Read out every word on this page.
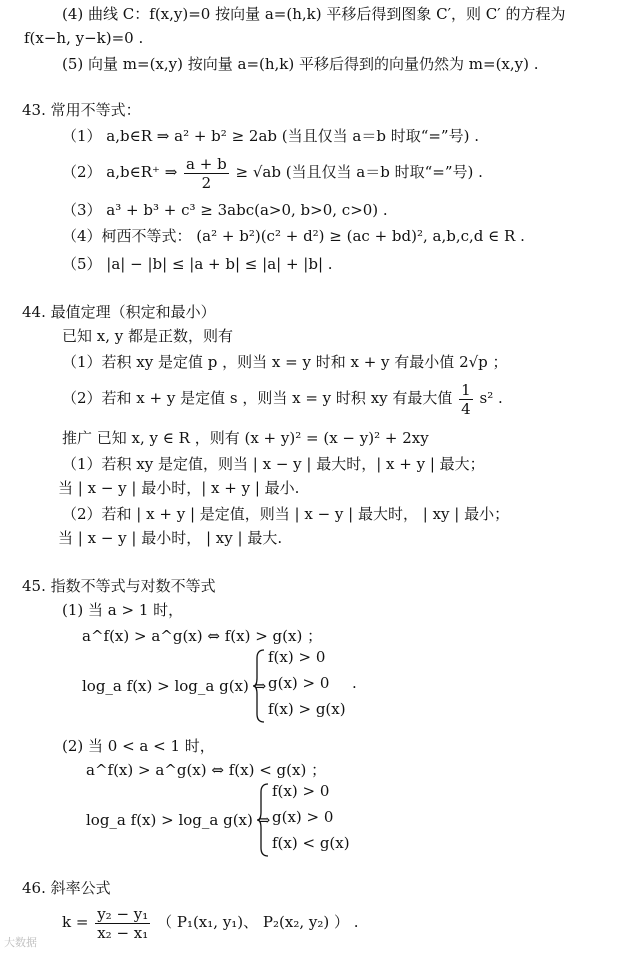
(4) 曲线 C：f(x,y)=0 按向量 a=(h,k) 平移后得到图象 C′，则 C′ 的方程为
f(x−h, y−k)=0 .
(5) 向量 m=(x,y) 按向量 a=(h,k) 平移后得到的向量仍然为 m=(x,y) .
43. 常用不等式：
（1） a,b∈R ⇒ a² + b² ≥ 2ab (当且仅当 a＝b 时取“=”号) .
（2） a,b∈R⁺ ⇒ $\frac{a + b}{2} \ge √ab$ (当且仅当 a＝b 时取“=”号) .
（3） a³ + b³ + c³ ≥ 3abc(a>0, b>0, c>0) .
（4）柯西不等式： (a² + b²)(c² + d²) ≥ (ac + bd)², a,b,c,d ∈ R .
（5） |a| − |b| ≤ |a + b| ≤ |a| + |b| .
44. 最值定理（积定和最小）
已知 x, y 都是正数，则有
（1）若积 xy 是定值 p ，则当 x = y 时和 x + y 有最小值 2√p ；
（2）若和 x + y 是定值 s ，则当 x = y 时积 xy 有最大值 $\frac{1}{4} s^2$ .
推广 已知 x, y ∈ R ，则有 (x + y)² = (x − y)² + 2xy
（1）若积 xy 是定值，则当 | x − y | 最大时，| x + y | 最大；
当 | x − y | 最小时，| x + y | 最小.
（2）若和 | x + y | 是定值，则当 | x − y | 最大时， | xy | 最小；
当 | x − y | 最小时， | xy | 最大.
45. 指数不等式与对数不等式
(1) 当 a > 1 时，
a^f(x) > a^g(x) ⇔ f(x) > g(x) ；
log_a f(x) > log_a g(x) ⇔
f(x) > 0
g(x) > 0
f(x) > g(x)
.
(2) 当 0 < a < 1 时，
a^f(x) > a^g(x) ⇔ f(x) < g(x) ；
log_a f(x) > log_a g(x) ⇔
f(x) > 0
g(x) > 0
f(x) < g(x)
46. 斜率公式
$k = \frac{\text{y₂ − y₁}}{\text{x₂ − x₁}}$ （ P₁(x₁, y₁)、 P₂(x₂, y₂) ） .
大数据
